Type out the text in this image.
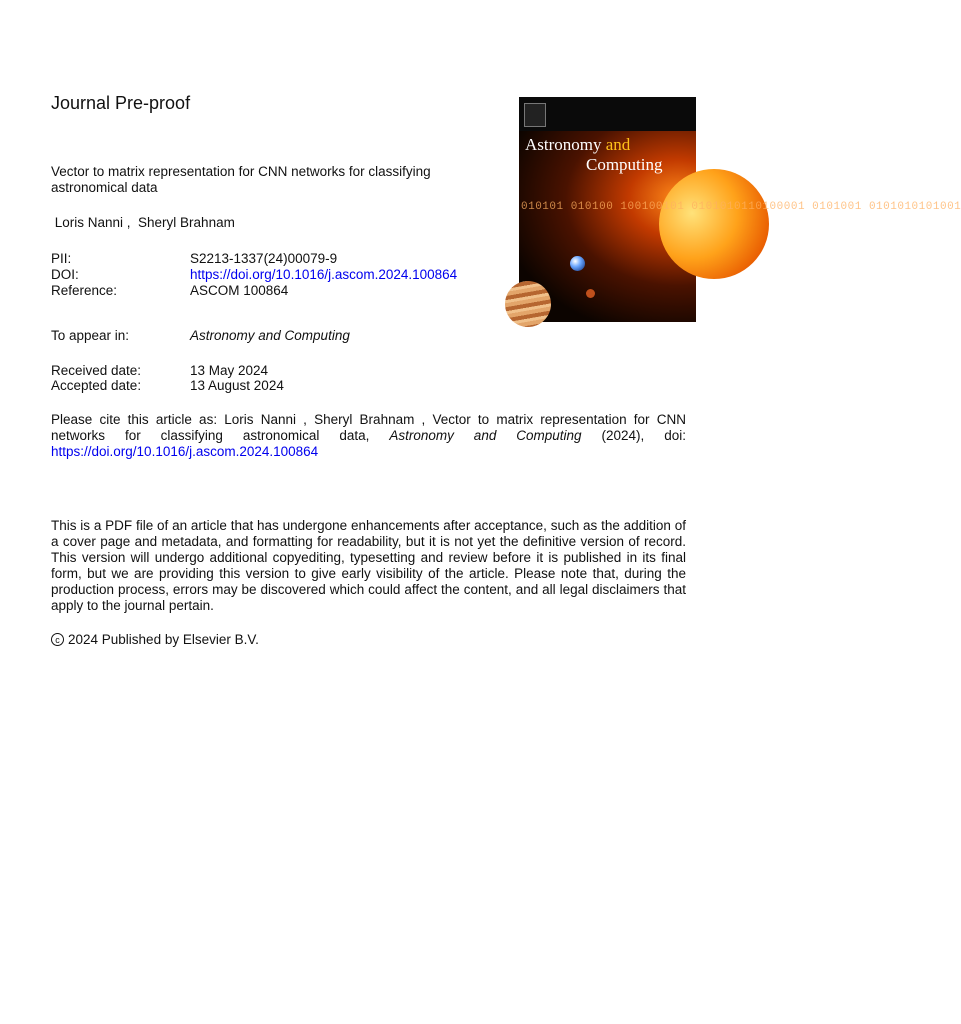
Journal Pre-proof
Vector to matrix representation for CNN networks for classifying astronomical data
Loris Nanni ,  Sheryl Brahnam
PII:	S2213-1337(24)00079-9
DOI:	https://doi.org/10.1016/j.ascom.2024.100864
Reference:	ASCOM 100864
To appear in:	Astronomy and Computing
Received date:	13 May 2024
Accepted date:	13 August 2024
Please cite this article as: Loris Nanni , Sheryl Brahnam , Vector to matrix representation for CNN networks for classifying astronomical data, Astronomy and Computing (2024), doi: https://doi.org/10.1016/j.ascom.2024.100864
This is a PDF file of an article that has undergone enhancements after acceptance, such as the addition of a cover page and metadata, and formatting for readability, but it is not yet the definitive version of record. This version will undergo additional copyediting, typesetting and review before it is published in its final form, but we are providing this version to give early visibility of the article. Please note that, during the production process, errors may be discovered which could affect the content, and all legal disclaimers that apply to the journal pertain.
c 2024 Published by Elsevier B.V.
Astronomy and
Computing
010101 010100 100100101 0101010110100001 0101001 0101010101001
